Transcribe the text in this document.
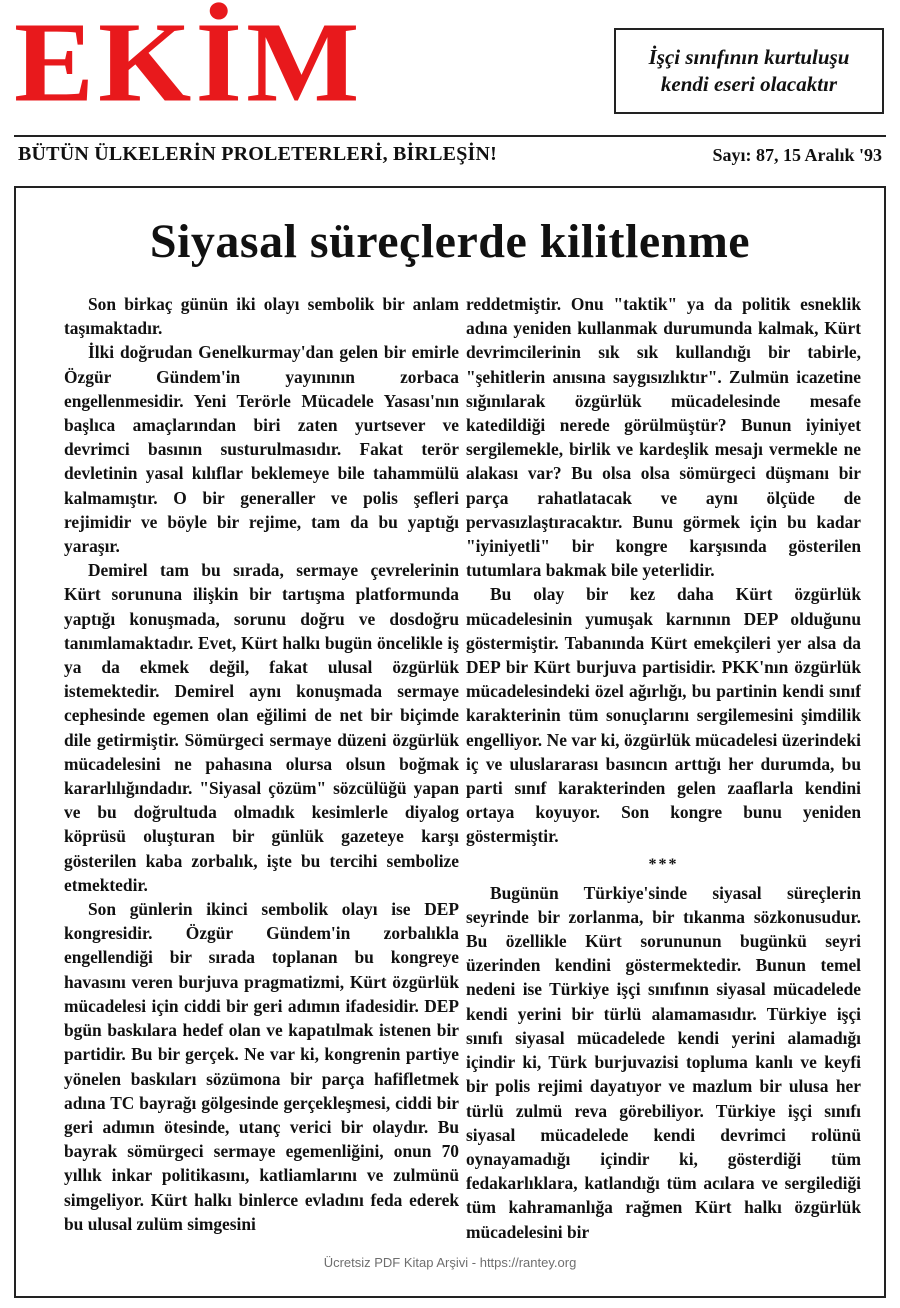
EKİM	İşçi sınıfının kurtuluşu
kendi eseri olacaktır
BÜTÜN ÜLKELERİN PROLETERLERİ, BİRLEŞİN!	Sayı: 87, 15 Aralık '93
Siyasal süreçlerde kilitlenme

Son birkaç günün iki olayı sembolik bir anlam taşımaktadır.

İlki doğrudan Genelkurmay'dan gelen bir emirle Özgür Gündem'in yayınının zorbaca engellenmesidir. Yeni Terörle Mücadele Yasası'nın başlıca amaçlarından biri zaten yurtsever ve devrimci basının susturulmasıdır. Fakat terör devletinin yasal kılıflar beklemeye bile tahammülü kalmamıştır. O bir generaller ve polis şefleri rejimidir ve böyle bir rejime, tam da bu yaptığı yaraşır.

Demirel tam bu sırada, sermaye çevrelerinin Kürt sorununa ilişkin bir tartışma platformunda yaptığı konuşmada, sorunu doğru ve dosdoğru tanımlamaktadır. Evet, Kürt halkı bugün öncelikle iş ya da ekmek değil, fakat ulusal özgürlük istemektedir. Demirel aynı konuşmada sermaye cephesinde egemen olan eğilimi de net bir biçimde dile getirmiştir. Sömürgeci sermaye düzeni özgürlük mücadelesini ne pahasına olursa olsun boğmak kararlılığındadır. "Siyasal çözüm" sözcülüğü yapan ve bu doğrultuda olmadık kesimlerle diyalog köprüsü oluşturan bir günlük gazeteye karşı gösterilen kaba zorbalık, işte bu tercihi sembolize etmektedir.

Son günlerin ikinci sembolik olayı ise DEP kongresidir. Özgür Gündem'in zorbalıkla engellendiği bir sırada toplanan bu kongreye havasını veren burjuva pragmatizmi, Kürt özgürlük mücadelesi için ciddi bir geri adımın ifadesidir. DEP bgün baskılara hedef olan ve kapatılmak istenen bir partidir. Bu bir gerçek. Ne var ki, kongrenin partiye yönelen baskıları sözümona bir parça hafifletmek adına TC bayrağı gölgesinde gerçekleşmesi, ciddi bir geri adımın ötesinde, utanç verici bir olaydır. Bu bayrak sömürgeci sermaye egemenliğini, onun 70 yıllık inkar politikasını, katliamlarını ve zulmünü simgeliyor. Kürt halkı binlerce evladını feda ederek bu ulusal zulüm simgesini

reddetmiştir. Onu "taktik" ya da politik esneklik adına yeniden kullanmak durumunda kalmak, Kürt devrimcilerinin sık sık kullandığı bir tabirle, "şehitlerin anısına saygısızlıktır". Zulmün icazetine sığınılarak özgürlük mücadelesinde mesafe katedildiği nerede görülmüştür? Bunun iyiniyet sergilemekle, birlik ve kardeşlik mesajı vermekle ne alakası var? Bu olsa olsa sömürgeci düşmanı bir parça rahatlatacak ve aynı ölçüde de pervasızlaştıracaktır. Bunu görmek için bu kadar "iyiniyetli" bir kongre karşısında gösterilen tutumlara bakmak bile yeterlidir.

Bu olay bir kez daha Kürt özgürlük mücadelesinin yumuşak karnının DEP olduğunu göstermiştir. Tabanında Kürt emekçileri yer alsa da DEP bir Kürt burjuva partisidir. PKK'nın özgürlük mücadelesindeki özel ağırlığı, bu partinin kendi sınıf karakterinin tüm sonuçlarını sergilemesini şimdilik engelliyor. Ne var ki, özgürlük mücadelesi üzerindeki iç ve uluslararası basıncın arttığı her durumda, bu parti sınıf karakterinden gelen zaaflarla kendini ortaya koyuyor. Son kongre bunu yeniden göstermiştir.

***

Bugünün Türkiye'sinde siyasal süreçlerin seyrinde bir zorlanma, bir tıkanma sözkonusudur. Bu özellikle Kürt sorununun bugünkü seyri üzerinden kendini göstermektedir. Bunun temel nedeni ise Türkiye işçi sınıfının siyasal mücadelede kendi yerini bir türlü alamamasıdır. Türkiye işçi sınıfı siyasal mücadelede kendi yerini alamadığı içindir ki, Türk burjuvazisi topluma kanlı ve keyfi bir polis rejimi dayatıyor ve mazlum bir ulusa her türlü zulmü reva görebiliyor. Türkiye işçi sınıfı siyasal mücadelede kendi devrimci rolünü oynayamadığı içindir ki, gösterdiği tüm fedakarlıklara, katlandığı tüm acılara ve sergilediği tüm kahramanlığa rağmen Kürt halkı özgürlük mücadelesini bir

Ücretsiz PDF Kitap Arşivi - https://rantey.org
